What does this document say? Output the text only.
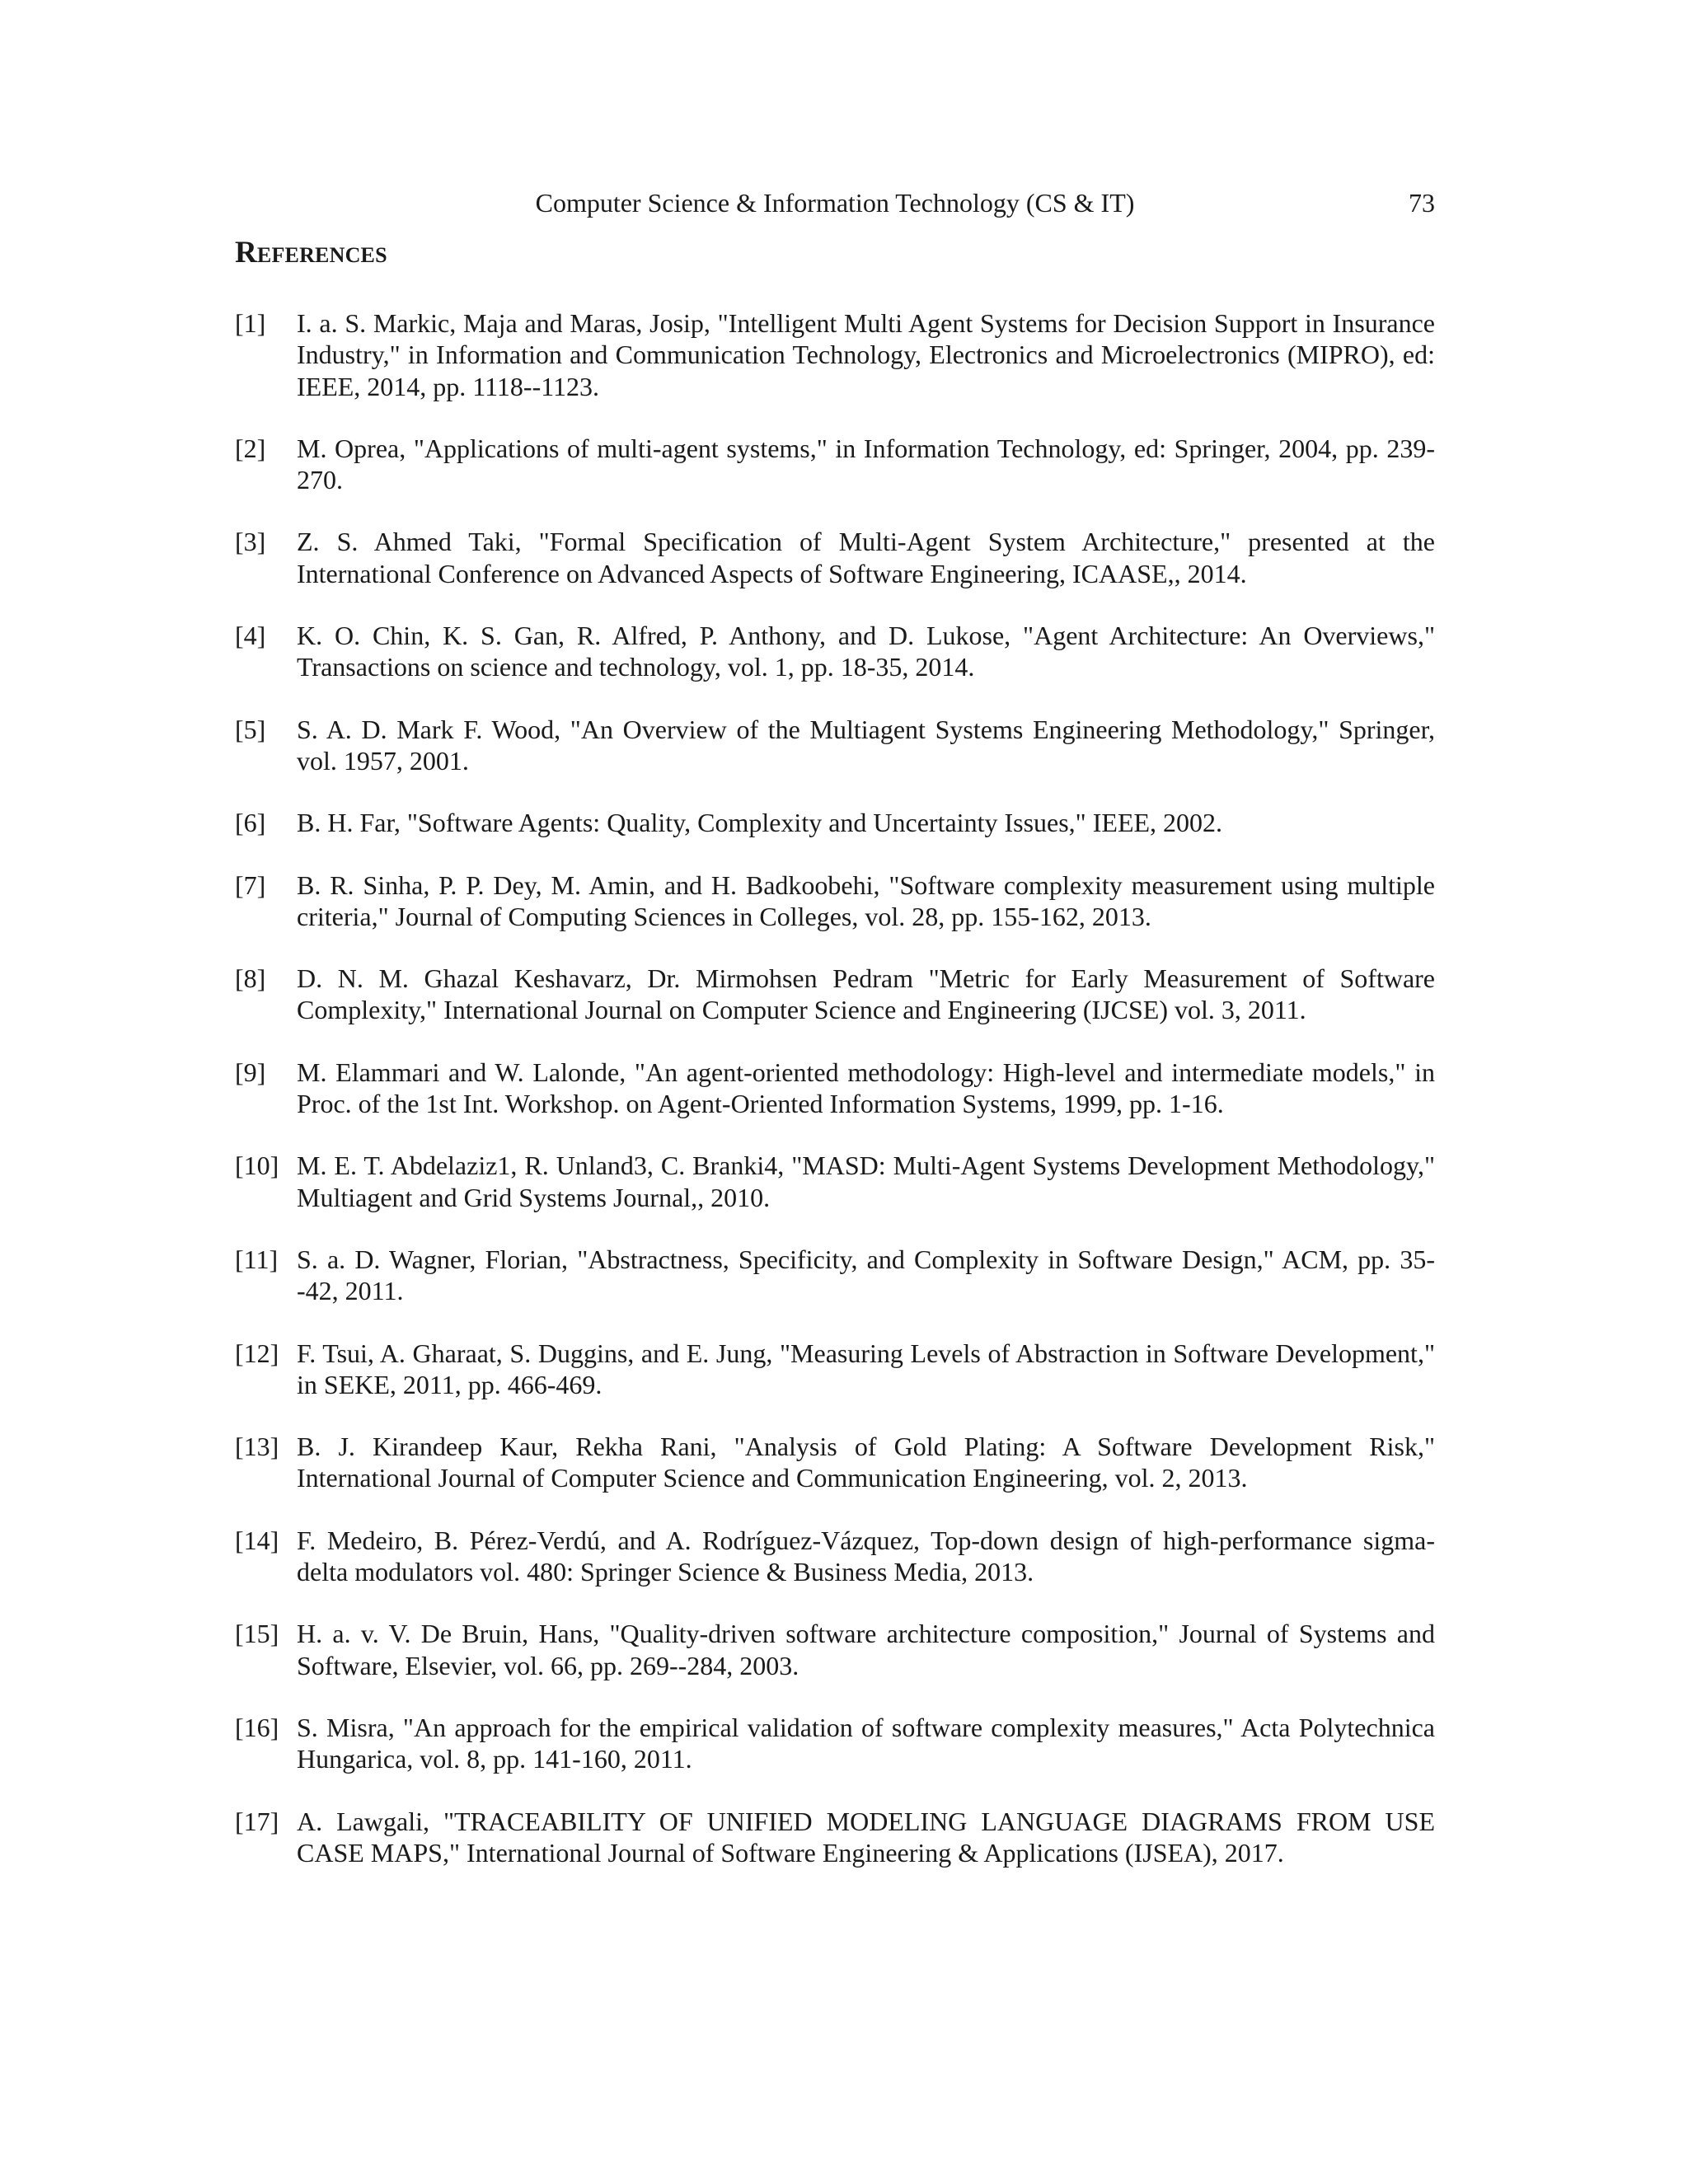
Computer Science & Information Technology (CS & IT)	73
References
[1] I. a. S. Markic, Maja and Maras, Josip, "Intelligent Multi Agent Systems for Decision Support in Insurance Industry," in Information and Communication Technology, Electronics and Microelectronics (MIPRO), ed: IEEE, 2014, pp. 1118--1123.
[2] M. Oprea, "Applications of multi-agent systems," in Information Technology, ed: Springer, 2004, pp. 239-270.
[3] Z. S. Ahmed Taki, "Formal Specification of Multi-Agent System Architecture," presented at the International Conference on Advanced Aspects of Software Engineering, ICAASE,, 2014.
[4] K. O. Chin, K. S. Gan, R. Alfred, P. Anthony, and D. Lukose, "Agent Architecture: An Overviews," Transactions on science and technology, vol. 1, pp. 18-35, 2014.
[5] S. A. D. Mark F. Wood, "An Overview of the Multiagent Systems Engineering Methodology," Springer, vol. 1957, 2001.
[6] B. H. Far, "Software Agents: Quality, Complexity and Uncertainty Issues," IEEE, 2002.
[7] B. R. Sinha, P. P. Dey, M. Amin, and H. Badkoobehi, "Software complexity measurement using multiple criteria," Journal of Computing Sciences in Colleges, vol. 28, pp. 155-162, 2013.
[8] D. N. M. Ghazal Keshavarz, Dr. Mirmohsen Pedram "Metric for Early Measurement of Software Complexity," International Journal on Computer Science and Engineering (IJCSE) vol. 3, 2011.
[9] M. Elammari and W. Lalonde, "An agent-oriented methodology: High-level and intermediate models," in Proc. of the 1st Int. Workshop. on Agent-Oriented Information Systems, 1999, pp. 1-16.
[10] M. E. T. Abdelaziz1, R. Unland3, C. Branki4, "MASD: Multi-Agent Systems Development Methodology," Multiagent and Grid Systems Journal,, 2010.
[11] S. a. D. Wagner, Florian, "Abstractness, Specificity, and Complexity in Software Design," ACM, pp. 35--42, 2011.
[12] F. Tsui, A. Gharaat, S. Duggins, and E. Jung, "Measuring Levels of Abstraction in Software Development," in SEKE, 2011, pp. 466-469.
[13] B. J. Kirandeep Kaur, Rekha Rani, "Analysis of Gold Plating: A Software Development Risk," International Journal of Computer Science and Communication Engineering, vol. 2, 2013.
[14] F. Medeiro, B. Pérez-Verdú, and A. Rodríguez-Vázquez, Top-down design of high-performance sigma-delta modulators vol. 480: Springer Science & Business Media, 2013.
[15] H. a. v. V. De Bruin, Hans, "Quality-driven software architecture composition," Journal of Systems and Software, Elsevier, vol. 66, pp. 269--284, 2003.
[16] S. Misra, "An approach for the empirical validation of software complexity measures," Acta Polytechnica Hungarica, vol. 8, pp. 141-160, 2011.
[17] A. Lawgali, "TRACEABILITY OF UNIFIED MODELING LANGUAGE DIAGRAMS FROM USE CASE MAPS," International Journal of Software Engineering & Applications (IJSEA), 2017.
